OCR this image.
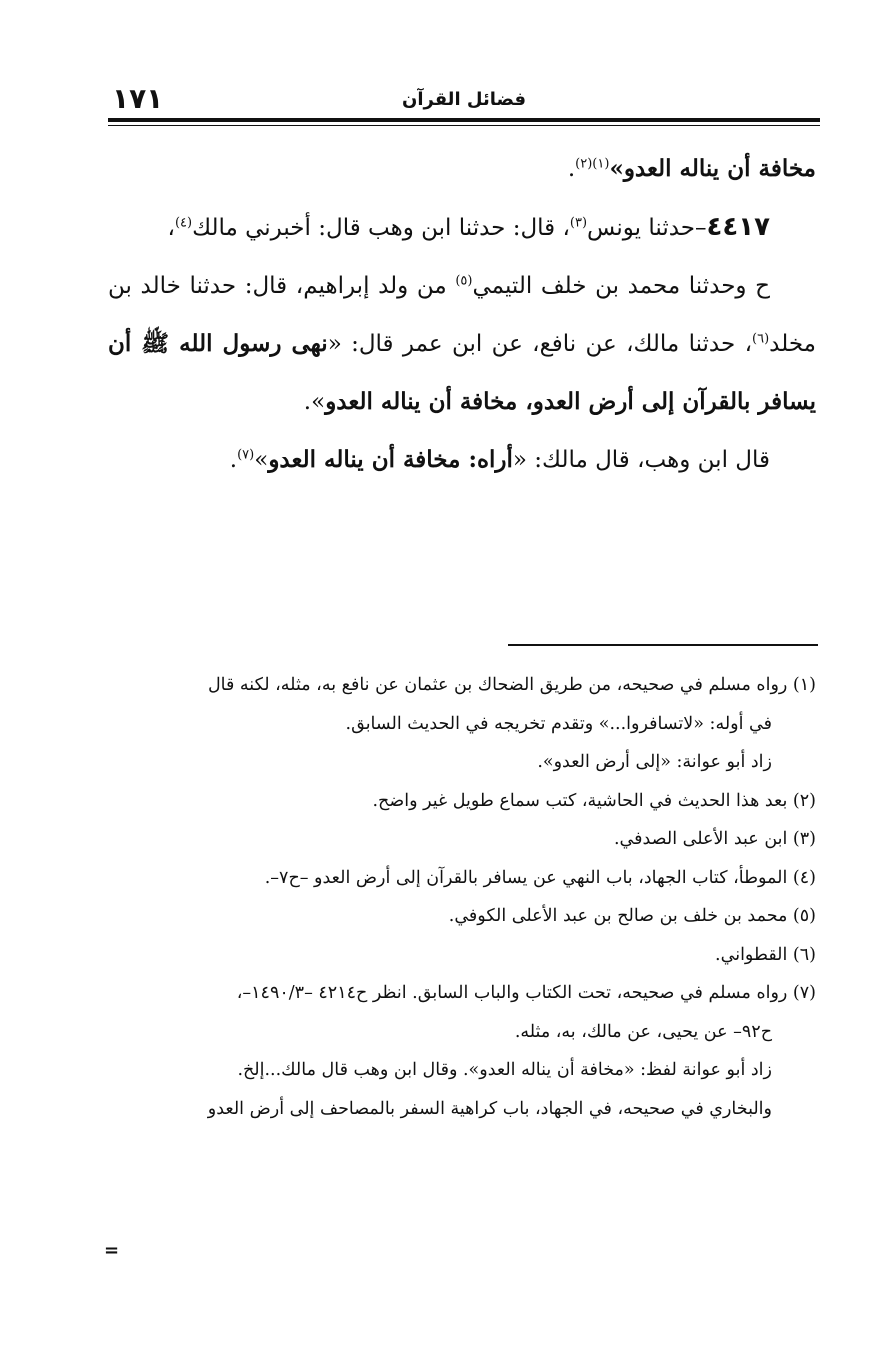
١٧١	فضائل القرآن

مخافة أن يناله العدو»$^{(١)(٢)}$.

٤٤١٧–حدثنا يونس$^{(٣)}$، قال: حدثنا ابن وهب قال: أخبرني مالك$^{(٤)}$،

ح وحدثنا محمد بن خلف التيمي$^{(٥)}$ من ولد إبراهيم، قال: حدثنا خالد بن مخلد$^{(٦)}$، حدثنا مالك، عن نافع، عن ابن عمر قال: «نهى رسول الله ﷺ أن يسافر بالقرآن إلى أرض العدو، مخافة أن يناله العدو».

قال ابن وهب، قال مالك: «أراه: مخافة أن يناله العدو»$^{(٧)}$.

(١) رواه مسلم في صحيحه، من طريق الضحاك بن عثمان عن نافع به، مثله، لكنه قال

في أوله: «لاتسافروا...» وتقدم تخريجه في الحديث السابق.

زاد أبو عوانة: «إلى أرض العدو».

(٢) بعد هذا الحديث في الحاشية، كتب سماع طويل غير واضح.

(٣) ابن عبد الأعلى الصدفي.

(٤) الموطأ، كتاب الجهاد، باب النهي عن يسافر بالقرآن إلى أرض العدو –ح٧–.

(٥) محمد بن خلف بن صالح بن عبد الأعلى الكوفي.

(٦) القطواني.

(٧) رواه مسلم في صحيحه، تحت الكتاب والباب السابق. انظر ح٤٢١٤ –١٤٩٠/٣–،

ح٩٢– عن يحيى، عن مالك، به، مثله.

زاد أبو عوانة لفظ: «مخافة أن يناله العدو». وقال ابن وهب قال مالك...إلخ.

والبخاري في صحيحه، في الجهاد، باب كراهية السفر بالمصاحف إلى أرض العدو

=
